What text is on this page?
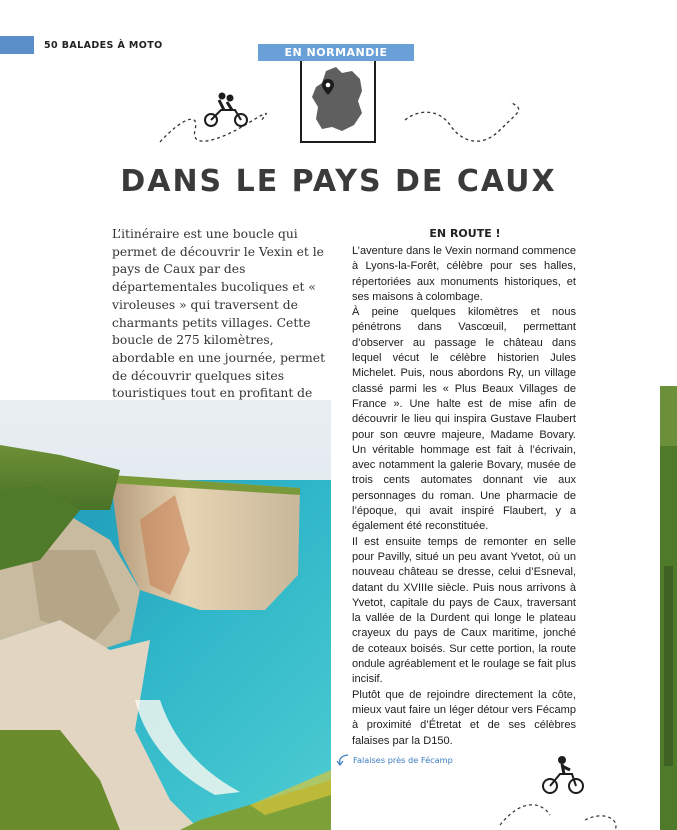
50 BALADES À MOTO
EN NORMANDIE
DANS LE PAYS DE CAUX

L’itinéraire est une boucle qui permet de découvrir le Vexin et le pays de Caux par des départementales bucoliques et « viroleuses » qui traversent de charmants petits villages. Cette boucle de 275 kilomètres, abordable en une journée, permet de découvrir quelques sites touristiques tout en profitant de

EN ROUTE !

L’aventure dans le Vexin normand commence à Lyons-la-Forêt, célèbre pour ses halles, répertoriées aux monuments historiques, et ses maisons à colombage.

À peine quelques kilomètres et nous pénétrons dans Vascœuil, permettant d’observer au passage le château dans lequel vécut le célèbre historien Jules Michelet. Puis, nous abordons Ry, un village classé parmi les « Plus Beaux Villages de France ». Une halte est de mise afin de découvrir le lieu qui inspira Gustave Flaubert pour son œuvre majeure, Madame Bovary. Un véritable hommage est fait à l’écrivain, avec notamment la galerie Bovary, musée de trois cents automates donnant vie aux personnages du roman. Une pharmacie de l’époque, qui avait inspiré Flaubert, y a également été reconstituée.

Il est ensuite temps de remonter en selle pour Pavilly, situé un peu avant Yvetot, où un nouveau château se dresse, celui d’Esneval, datant du XVIIIe siècle. Puis nous arrivons à Yvetot, capitale du pays de Caux, traversant la vallée de la Durdent qui longe le plateau crayeux du pays de Caux maritime, jonché de coteaux boisés. Sur cette portion, la route ondule agréablement et le roulage se fait plus incisif.

Plutôt que de rejoindre directement la côte, mieux vaut faire un léger détour vers Fécamp à proximité d’Étretat et de ses célèbres falaises par la D150.

Falaises près de Fécamp
